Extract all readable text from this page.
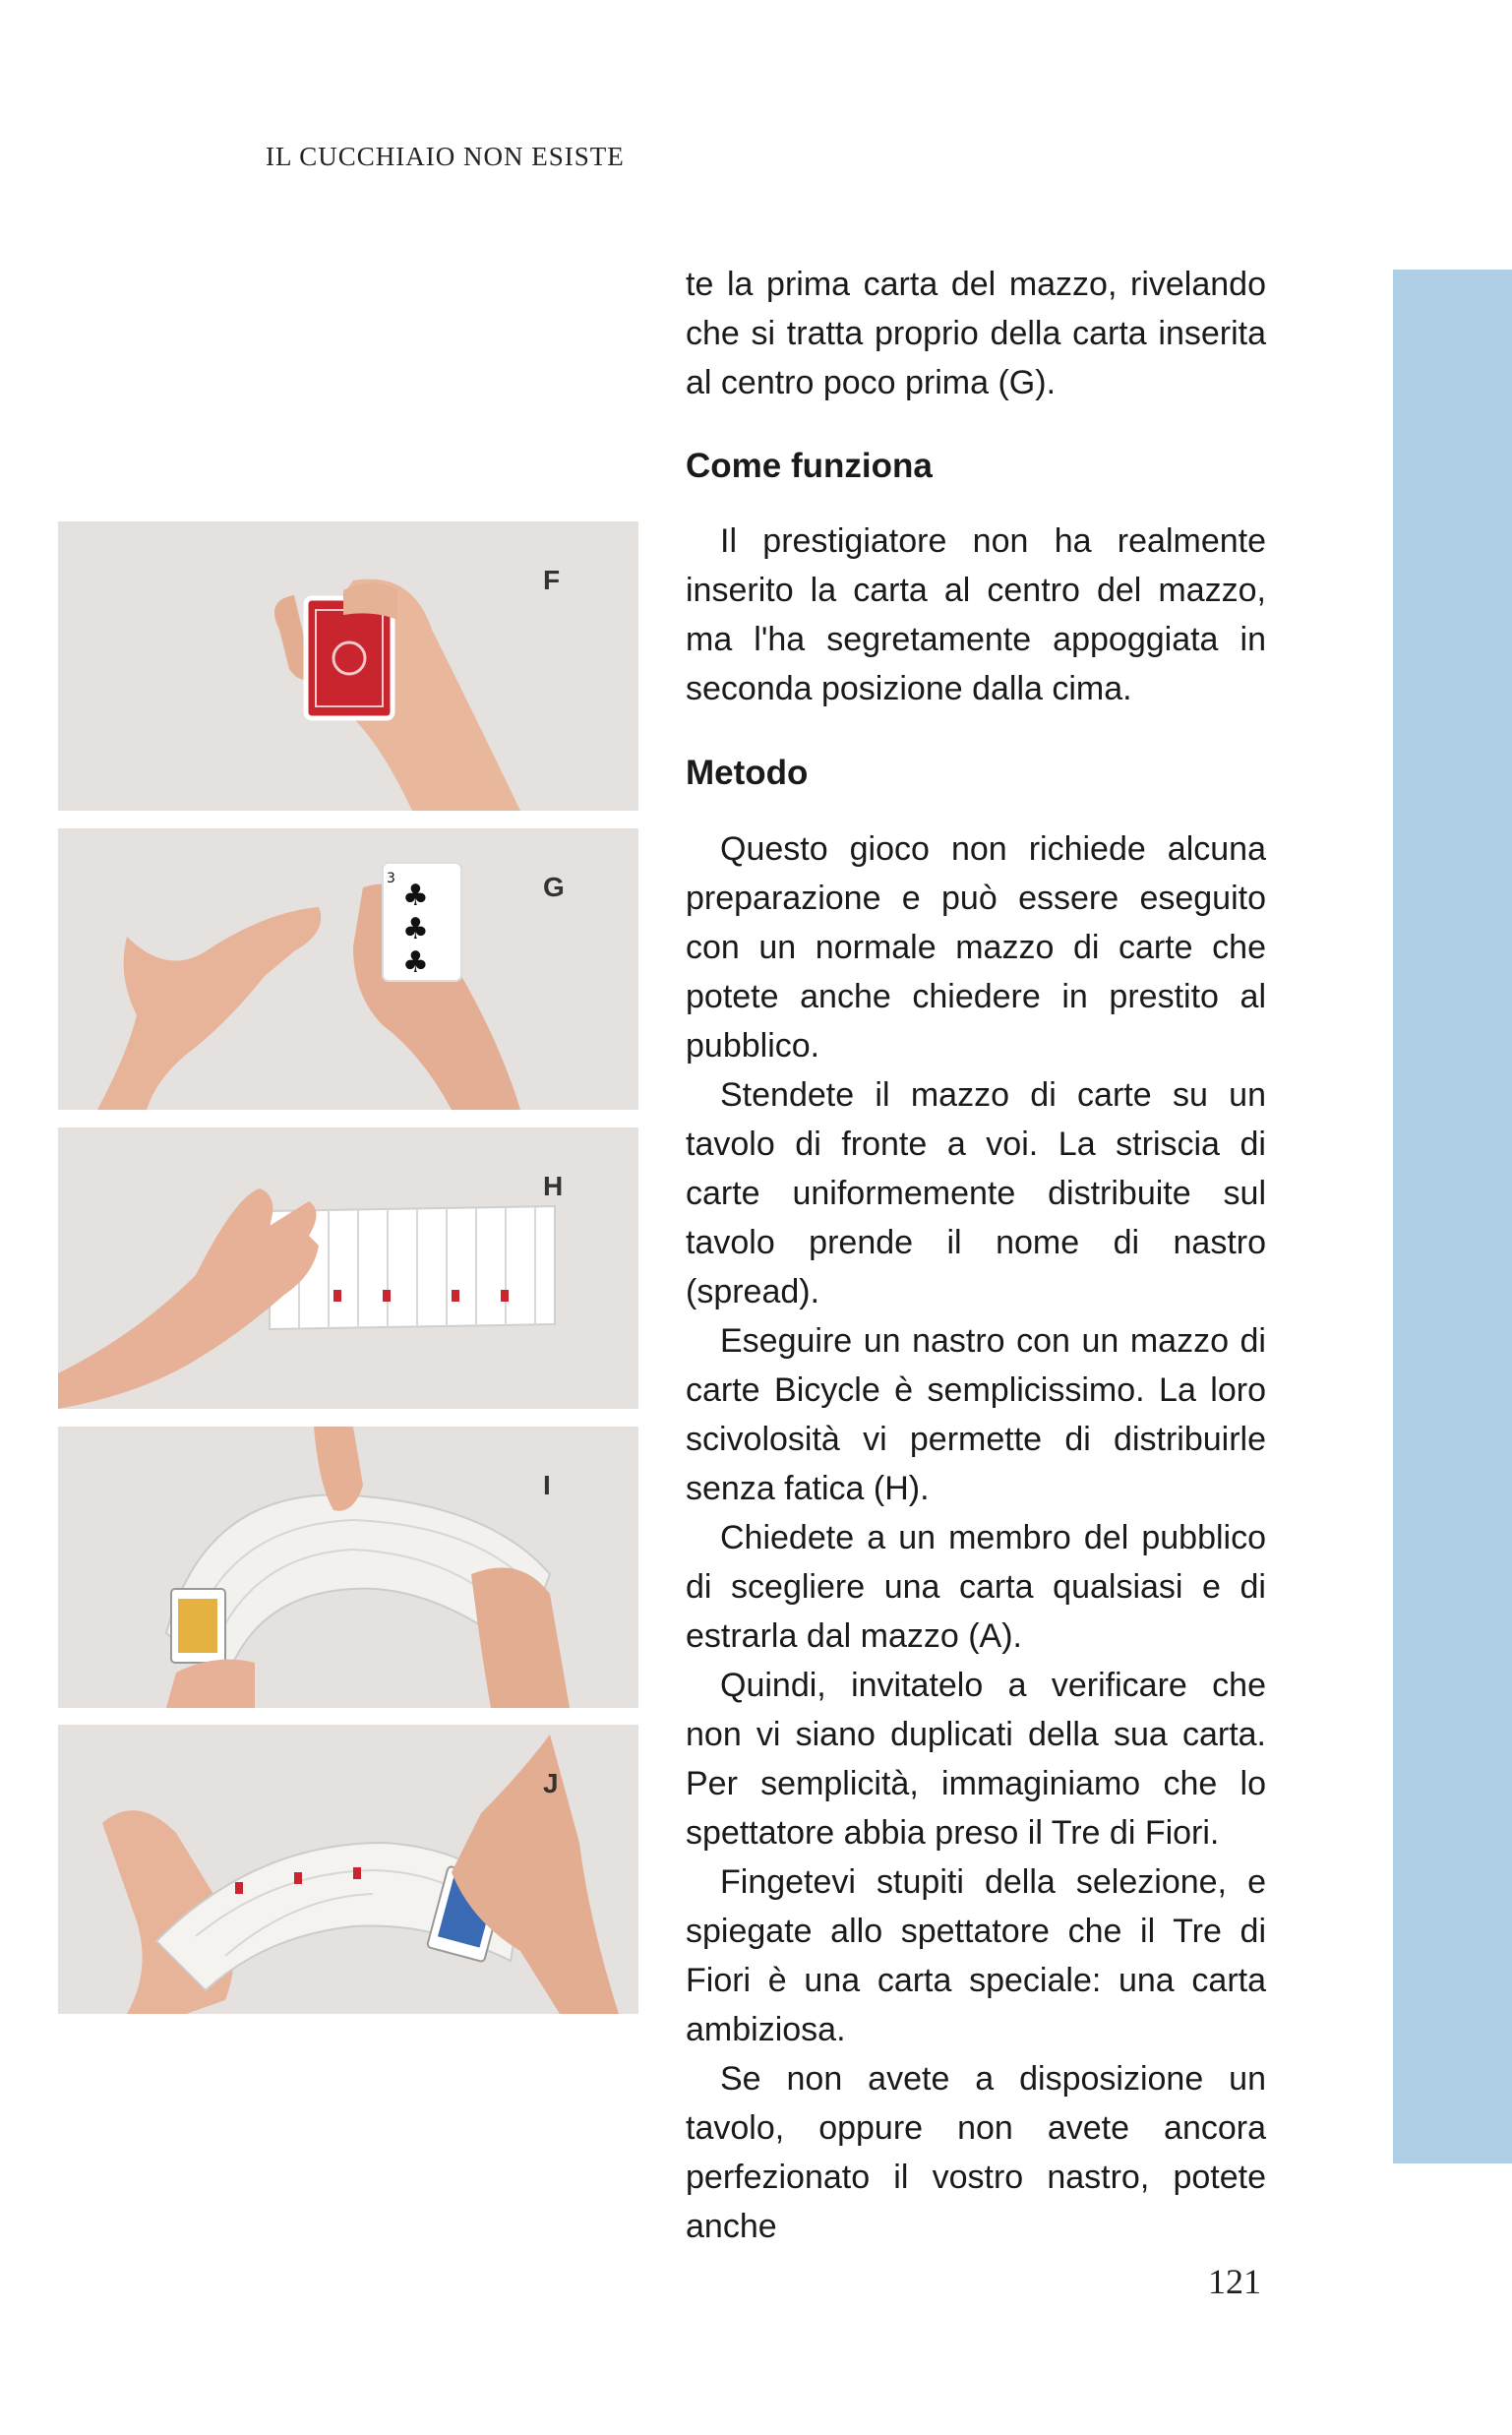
IL CUCCHIAIO NON ESISTE

te la prima carta del mazzo, rivelando che si tratta proprio della carta inserita al centro poco prima (G).

Come funziona

Il prestigiatore non ha realmente inserito la carta al centro del mazzo, ma l'ha segretamente appoggiata in seconda posizione dalla cima.

Metodo

Questo gioco non richiede alcuna preparazione e può essere eseguito con un normale mazzo di carte che potete anche chiedere in prestito al pubblico.

Stendete il mazzo di carte su un tavolo di fronte a voi. La striscia di carte uniformemente distribuite sul tavolo prende il nome di nastro (spread).

Eseguire un nastro con un mazzo di carte Bicycle è semplicissimo. La loro scivolosità vi permette di distribuirle senza fatica (H).

Chiedete a un membro del pubblico di scegliere una carta qualsiasi e di estrarla dal mazzo (A).

Quindi, invitatelo a verificare che non vi siano duplicati della sua carta. Per semplicità, immaginiamo che lo spettatore abbia preso il Tre di Fiori.

Fingetevi stupiti della selezione, e spiegate allo spettatore che il Tre di Fiori è una carta speciale: una carta ambiziosa.

Se non avete a disposizione un tavolo, oppure non avete ancora perfezionato il vostro nastro, potete anche

F
♣
♣
♣
3	G
H
I
J
121
